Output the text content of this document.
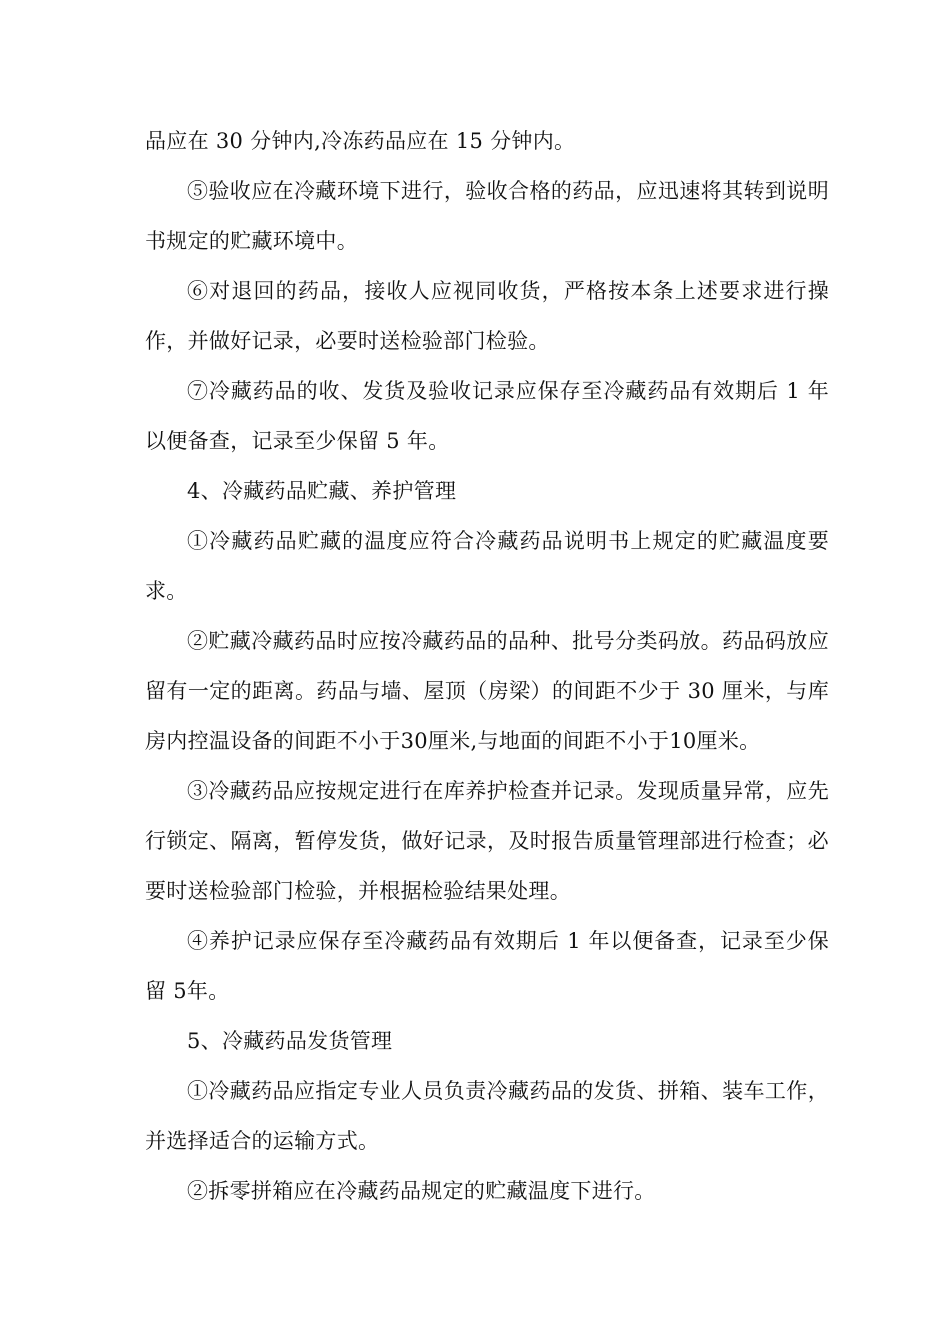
品应在 30 分钟内,冷冻药品应在 15 分钟内。

⑤验收应在冷藏环境下进行，验收合格的药品，应迅速将其转到说明书规定的贮藏环境中。

⑥对退回的药品，接收人应视同收货，严格按本条上述要求进行操作，并做好记录，必要时送检验部门检验。

⑦冷藏药品的收、发货及验收记录应保存至冷藏药品有效期后 1 年以便备查，记录至少保留 5 年。

4、冷藏药品贮藏、养护管理

①冷藏药品贮藏的温度应符合冷藏药品说明书上规定的贮藏温度要求。

②贮藏冷藏药品时应按冷藏药品的品种、批号分类码放。药品码放应留有一定的距离。药品与墙、屋顶（房梁）的间距不少于 30 厘米，与库房内控温设备的间距不小于30厘米,与地面的间距不小于10厘米。

③冷藏药品应按规定进行在库养护检查并记录。发现质量异常，应先行锁定、隔离，暂停发货，做好记录，及时报告质量管理部进行检查；必要时送检验部门检验，并根据检验结果处理。

④养护记录应保存至冷藏药品有效期后 1 年以便备查，记录至少保留 5年。

5、冷藏药品发货管理

①冷藏药品应指定专业人员负责冷藏药品的发货、拼箱、装车工作，并选择适合的运输方式。

②拆零拼箱应在冷藏药品规定的贮藏温度下进行。
